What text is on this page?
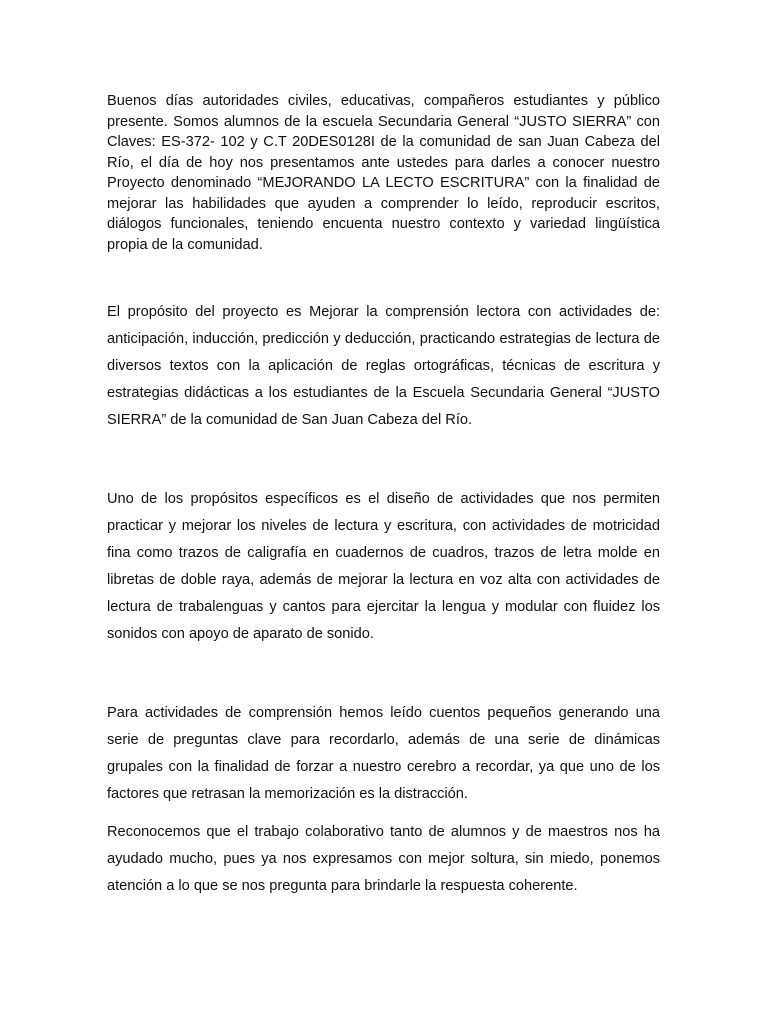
Buenos días autoridades civiles, educativas, compañeros estudiantes y público presente. Somos alumnos de la escuela Secundaria General “JUSTO SIERRA” con Claves: ES-372- 102 y C.T 20DES0128I de la comunidad de san Juan Cabeza del Río, el día de hoy nos presentamos ante ustedes para darles a conocer nuestro Proyecto denominado “MEJORANDO LA LECTO ESCRITURA” con la finalidad de mejorar las habilidades que ayuden a comprender lo leído, reproducir escritos, diálogos funcionales, teniendo encuenta nuestro contexto y variedad lingüística propia de la comunidad.

El propósito del proyecto es Mejorar la comprensión lectora con actividades de: anticipación, inducción, predicción y deducción, practicando estrategias de lectura de diversos textos con la aplicación de reglas ortográficas, técnicas de escritura y estrategias didácticas a los estudiantes de la Escuela Secundaria General “JUSTO SIERRA” de la comunidad de San Juan Cabeza del Río.

Uno de los propósitos específicos es el diseño de actividades que nos permiten practicar y mejorar los niveles de lectura y escritura, con actividades de motricidad fina como trazos de caligrafía en cuadernos de cuadros, trazos de letra molde en libretas de doble raya, además de mejorar la lectura en voz alta con actividades de lectura de trabalenguas y cantos para ejercitar la lengua y modular con fluidez los sonidos con apoyo de aparato de sonido.

Para actividades de comprensión hemos leído cuentos pequeños generando una serie de preguntas clave para recordarlo, además de una serie de dinámicas grupales con la finalidad de forzar a nuestro cerebro a recordar, ya que uno de los factores que retrasan la memorización es la distracción.

Reconocemos que el trabajo colaborativo tanto de alumnos y de maestros nos ha ayudado mucho, pues ya nos expresamos con mejor soltura, sin miedo, ponemos atención a lo que se nos pregunta para brindarle la respuesta coherente.
